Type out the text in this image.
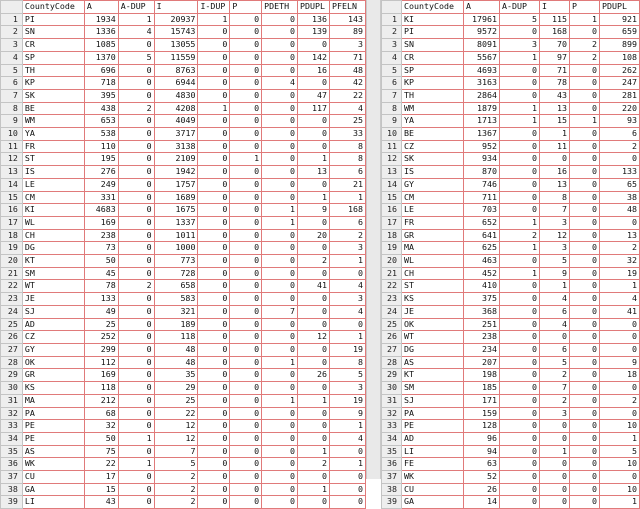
	CountyCode	A	A-DUP	I	I-DUP	P	PDETH	PDUPL	PFELN
1	PI	1934	1	20937	1	0	0	136	143
2	SN	1336	4	15743	0	0	0	139	89
3	CR	1085	0	13055	0	0	0	0	3
4	SP	1370	5	11559	0	0	0	142	71
5	TH	696	0	8763	0	0	0	16	48
6	KP	718	0	6944	0	0	4	0	42
7	SK	395	0	4830	0	0	0	47	22
8	BE	438	2	4208	1	0	0	117	4
9	WM	653	0	4049	0	0	0	0	25
10	YA	538	0	3717	0	0	0	0	33
11	FR	110	0	3138	0	0	0	0	8
12	ST	195	0	2109	0	1	0	1	8
13	IS	276	0	1942	0	0	0	13	6
14	LE	249	0	1757	0	0	0	0	21
15	CM	331	0	1689	0	0	0	1	1
16	KI	4683	0	1675	0	0	1	9	168
17	WL	169	0	1337	0	0	1	0	6
18	CH	238	0	1011	0	0	0	20	2
19	DG	73	0	1000	0	0	0	0	3
20	KT	50	0	773	0	0	0	2	1
21	SM	45	0	728	0	0	0	0	0
22	WT	78	2	658	0	0	0	41	4
23	JE	133	0	583	0	0	0	0	3
24	SJ	49	0	321	0	0	7	0	4
25	AD	25	0	189	0	0	0	0	0
26	CZ	252	0	118	0	0	0	12	1
27	GY	299	0	48	0	0	0	0	19
28	OK	112	0	48	0	0	1	0	8
29	GR	169	0	35	0	0	0	26	5
30	KS	118	0	29	0	0	0	0	3
31	MA	212	0	25	0	0	1	1	19
32	PA	68	0	22	0	0	0	0	9
33	PE	32	0	12	0	0	0	0	1
34	PE	50	1	12	0	0	0	0	4
35	AS	75	0	7	0	0	0	1	0
36	WK	22	1	5	0	0	0	2	1
37	CU	17	0	2	0	0	0	0	0
38	GA	15	0	2	0	0	0	1	0
39	LI	43	0	2	0	0	0	0	0
	CountyCode	A	A-DUP	I	P	PDUPL
1	KI	17961	5	115	1	921
2	PI	9572	0	168	0	659
3	SN	8091	3	70	2	899
4	CR	5567	1	97	2	108
5	SP	4693	0	71	0	262
6	KP	3163	0	78	0	247
7	TH	2864	0	43	0	281
8	WM	1879	1	13	0	220
9	YA	1713	1	15	1	93
10	BE	1367	0	1	0	6
11	CZ	952	0	11	0	2
12	SK	934	0	0	0	0
13	IS	870	0	16	0	133
14	GY	746	0	13	0	65
15	CM	711	0	8	0	38
16	LE	703	0	7	0	48
17	FR	652	1	3	0	0
18	GR	641	2	12	0	13
19	MA	625	1	3	0	2
20	WL	463	0	5	0	32
21	CH	452	1	9	0	19
22	ST	410	0	1	0	1
23	KS	375	0	4	0	4
24	JE	368	0	6	0	41
25	OK	251	0	4	0	0
26	WT	238	0	0	0	0
27	DG	234	0	6	0	0
28	AS	207	0	5	0	9
29	KT	198	0	2	0	18
30	SM	185	0	7	0	0
31	SJ	171	0	2	0	2
32	PA	159	0	3	0	0
33	PE	128	0	0	0	10
34	AD	96	0	0	0	1
35	LI	94	0	1	0	5
36	FE	63	0	0	0	10
37	WK	52	0	0	0	0
38	CU	26	0	0	0	10
39	GA	14	0	0	0	1
